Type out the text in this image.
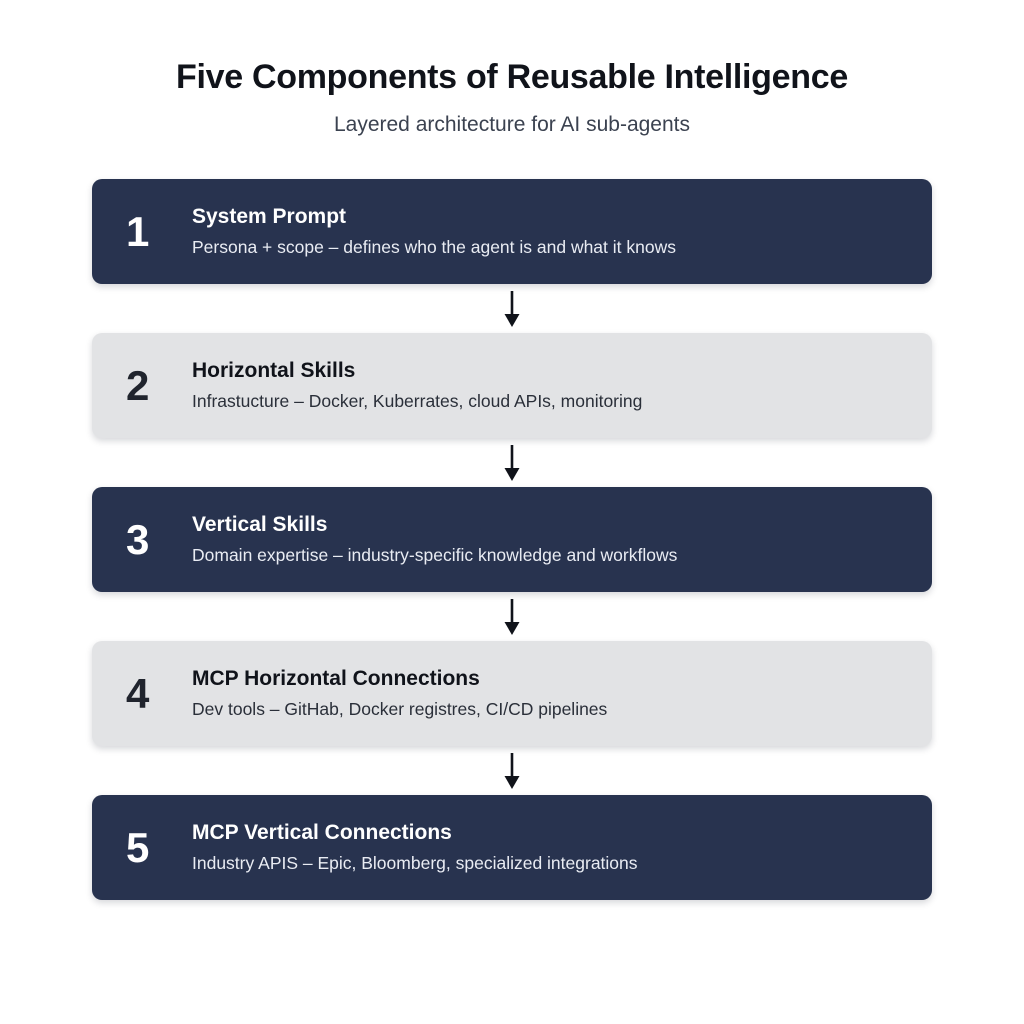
Five Components of Reusable Intelligence
Layered architecture for AI sub-agents
1	System Prompt
Persona + scope – defines who the agent is and what it knows
2	Horizontal Skills
Infrastucture – Docker, Kuberrates, cloud APIs, monitoring
3	Vertical Skills
Domain expertise – industry-specific knowledge and workflows
4	MCP Horizontal Connections
Dev tools – GitHab, Docker registres, CI/CD pipelines
5	MCP Vertical Connections
Industry APIS – Epic, Bloomberg, specialized integrations
